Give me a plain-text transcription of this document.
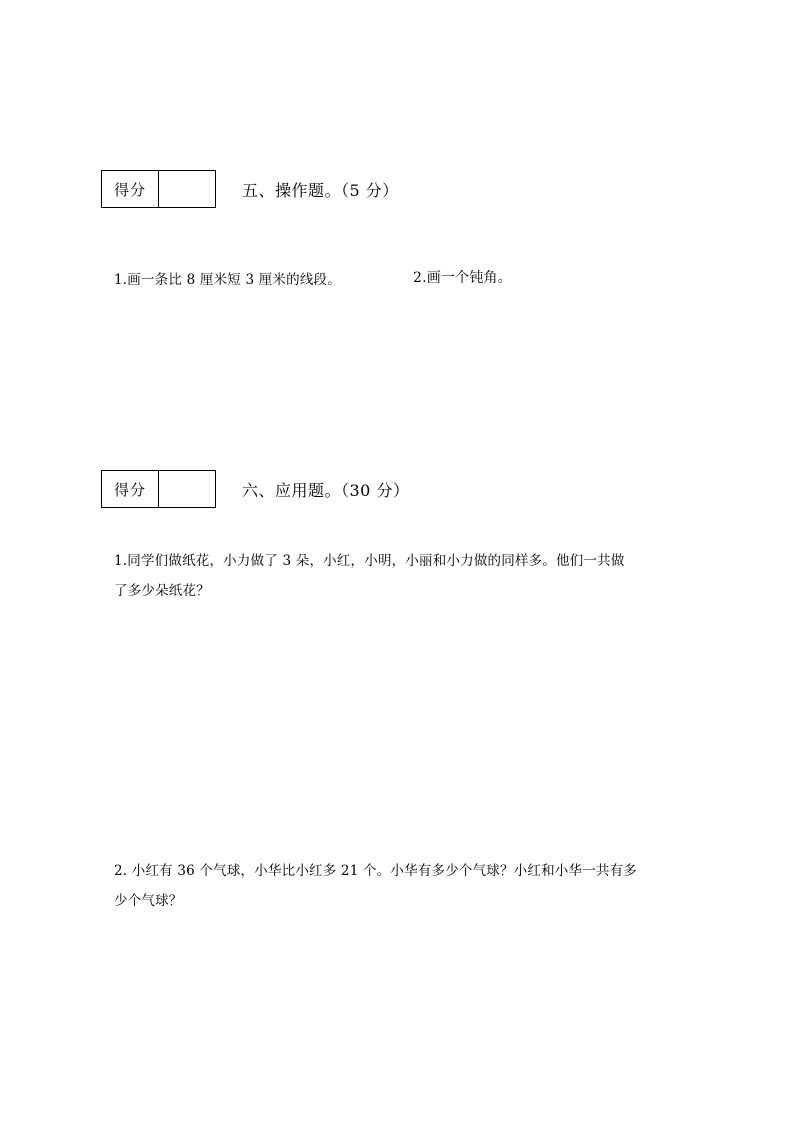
得分	五、操作题。（5 分）
1.画一条比 8 厘米短 3 厘米的线段。	2.画一个钝角。
得分	六、应用题。（30 分）
1.同学们做纸花，小力做了 3 朵，小红，小明，小丽和小力做的同样多。他们一共做
了多少朵纸花？
2. 小红有 36 个气球，小华比小红多 21 个。小华有多少个气球？小红和小华一共有多
少个气球？
